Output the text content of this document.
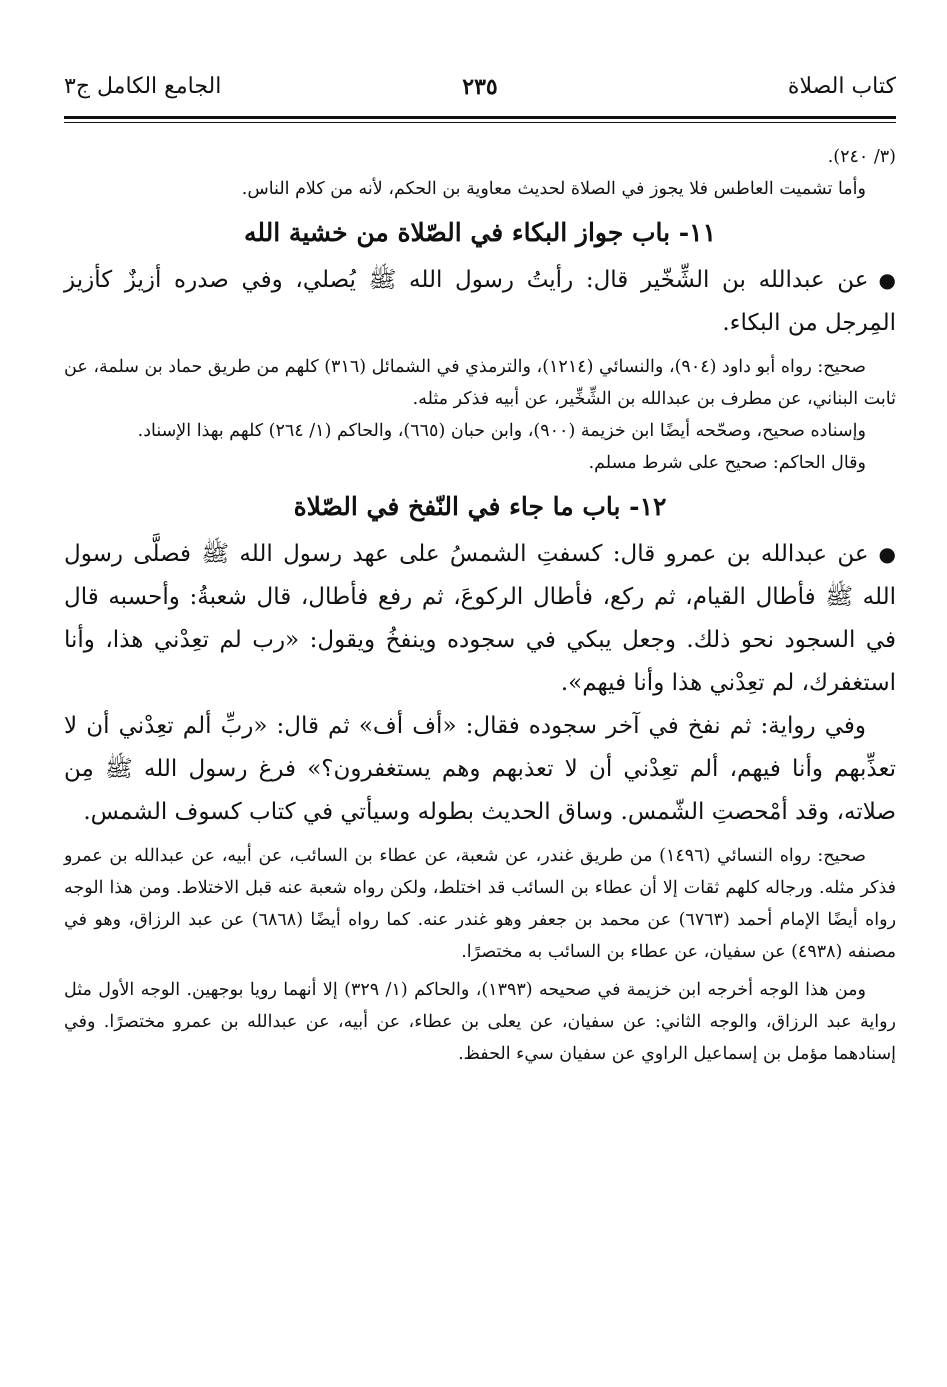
كتاب الصلاة
٢٣٥
الجامع الكامل ج٣

(٣/ ٢٤٠).

وأما تشميت العاطس فلا يجوز في الصلاة لحديث معاوية بن الحكم، لأنه من كلام الناس.

١١- باب جواز البكاء في الصّلاة من خشية الله

●عن عبدالله بن الشِّخّير قال: رأيتُ رسول الله ﷺ يُصلي، وفي صدره أزيزٌ كأزيز المِرجل من البكاء.

صحيح: رواه أبو داود (٩٠٤)، والنسائي (١٢١٤)، والترمذي في الشمائل (٣١٦) كلهم من طريق حماد بن سلمة، عن ثابت البناني، عن مطرف بن عبدالله بن الشِّخِّير، عن أبيه فذكر مثله.

وإسناده صحيح، وصحّحه أيضًا ابن خزيمة (٩٠٠)، وابن حبان (٦٦٥)، والحاكم (١/ ٢٦٤) كلهم بهذا الإسناد.

وقال الحاكم: صحيح على شرط مسلم.

١٢- باب ما جاء في النّفخ في الصّلاة

●عن عبدالله بن عمرو قال: كسفتِ الشمسُ على عهد رسول الله ﷺ فصلَّى رسول الله ﷺ فأطال القيام، ثم ركع، فأطال الركوعَ، ثم رفع فأطال، قال شعبةُ: وأحسبه قال في السجود نحو ذلك. وجعل يبكي في سجوده وينفخُ ويقول: «رب لم تعِدْني هذا، وأنا استغفرك، لم تعِدْني هذا وأنا فيهم».

وفي رواية: ثم نفخ في آخر سجوده فقال: «أف أف» ثم قال: «ربِّ ألم تعِدْني أن لا تعذِّبهم وأنا فيهم، ألم تعِدْني أن لا تعذبهم وهم يستغفرون؟» فرغ رسول الله ﷺ مِن صلاته، وقد أمْحصتِ الشّمس. وساق الحديث بطوله وسيأتي في كتاب كسوف الشمس.

صحيح: رواه النسائي (١٤٩٦) من طريق غندر، عن شعبة، عن عطاء بن السائب، عن أبيه، عن عبدالله بن عمرو فذكر مثله. ورجاله كلهم ثقات إلا أن عطاء بن السائب قد اختلط، ولكن رواه شعبة عنه قبل الاختلاط. ومن هذا الوجه رواه أيضًا الإمام أحمد (٦٧٦٣) عن محمد بن جعفر وهو غندر عنه. كما رواه أيضًا (٦٨٦٨) عن عبد الرزاق، وهو في مصنفه (٤٩٣٨) عن سفيان، عن عطاء بن السائب به مختصرًا.

ومن هذا الوجه أخرجه ابن خزيمة في صحيحه (١٣٩٣)، والحاكم (١/ ٣٢٩) إلا أنهما رويا بوجهين. الوجه الأول مثل رواية عبد الرزاق، والوجه الثاني: عن سفيان، عن يعلى بن عطاء، عن أبيه، عن عبدالله بن عمرو مختصرًا. وفي إسنادهما مؤمل بن إسماعيل الراوي عن سفيان سيء الحفظ.
